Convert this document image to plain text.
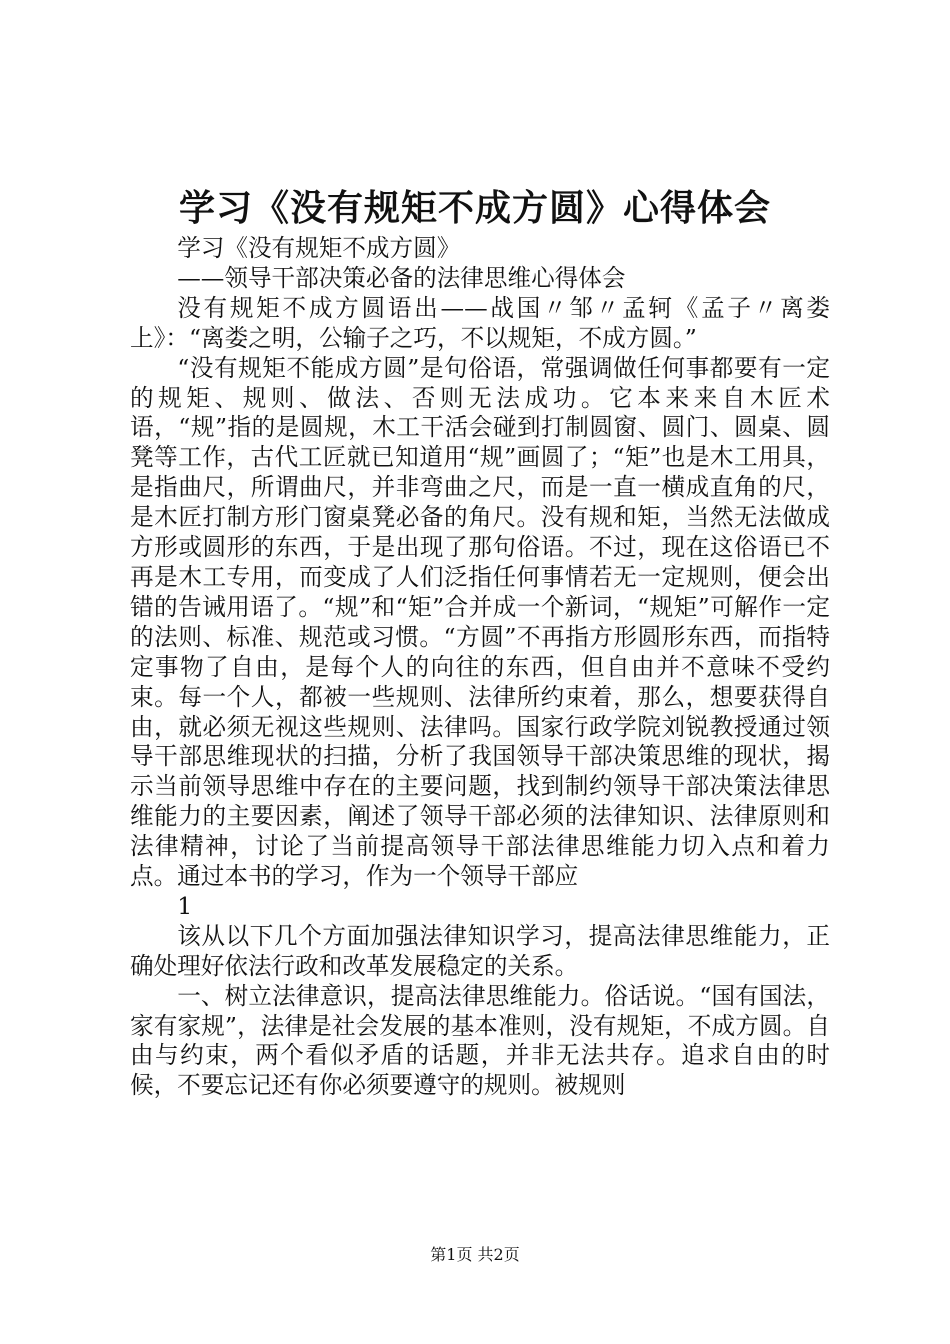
学习《没有规矩不成方圆》心得体会

学习《没有规矩不成方圆》

——领导干部决策必备的法律思维心得体会

没有规矩不成方圆语出——战国〃邹〃孟轲《孟子〃离娄上》：“离娄之明，公输子之巧，不以规矩，不成方圆。”

“没有规矩不能成方圆”是句俗语，常强调做任何事都要有一定的规矩、规则、做法、否则无法成功。它本来来自木匠术语，“规”指的是圆规，木工干活会碰到打制圆窗、圆门、圆桌、圆凳等工作，古代工匠就已知道用“规”画圆了；“矩”也是木工用具，是指曲尺，所谓曲尺，并非弯曲之尺，而是一直一横成直角的尺，是木匠打制方形门窗桌凳必备的角尺。没有规和矩，当然无法做成方形或圆形的东西，于是出现了那句俗语。不过，现在这俗语已不再是木工专用，而变成了人们泛指任何事情若无一定规则，便会出错的告诫用语了。“规”和“矩”合并成一个新词，“规矩”可解作一定的法则、标准、规范或习惯。“方圆”不再指方形圆形东西，而指特定事物了自由，是每个人的向往的东西，但自由并不意味不受约束。每一个人，都被一些规则、法律所约束着，那么，想要获得自由，就必须无视这些规则、法律吗。国家行政学院刘锐教授通过领导干部思维现状的扫描，分析了我国领导干部决策思维的现状，揭示当前领导思维中存在的主要问题，找到制约领导干部决策法律思维能力的主要因素，阐述了领导干部必须的法律知识、法律原则和法律精神，讨论了当前提高领导干部法律思维能力切入点和着力点。通过本书的学习，作为一个领导干部应

1

该从以下几个方面加强法律知识学习，提高法律思维能力，正确处理好依法行政和改革发展稳定的关系。

一、树立法律意识，提高法律思维能力。俗话说。“国有国法，家有家规”，法律是社会发展的基本准则，没有规矩，不成方圆。自由与约束，两个看似矛盾的话题，并非无法共存。追求自由的时候，不要忘记还有你必须要遵守的规则。被规则

第1页 共2页
